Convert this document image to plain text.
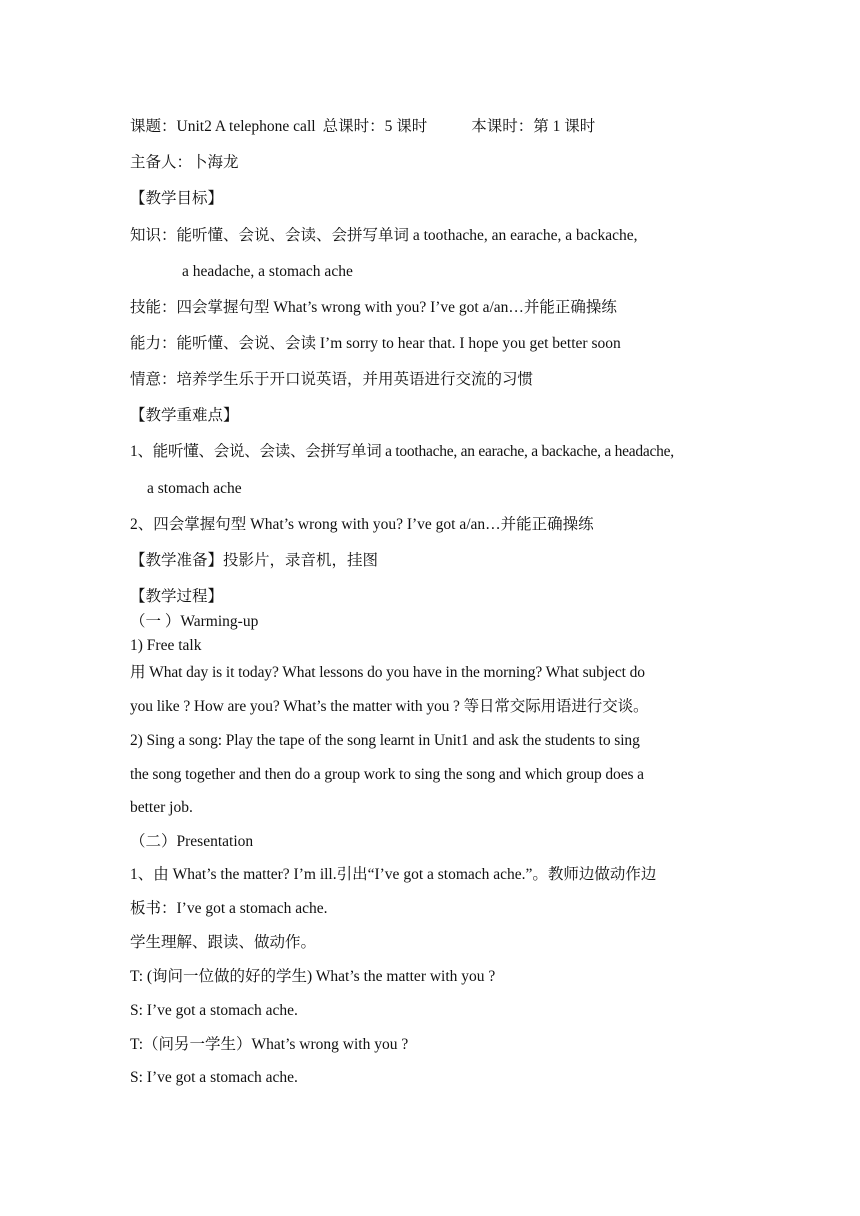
课题：Unit2 A telephone call 总课时：5 课时	本课时：第 1 课时
主备人：卜海龙
【教学目标】
知识：能听懂、会说、会读、会拼写单词 a toothache, an earache, a backache,
a headache, a stomach ache
技能：四会掌握句型 What’s wrong with you? I’ve got a/an…并能正确操练
能力：能听懂、会说、会读 I’m sorry to hear that. I hope you get better soon
情意：培养学生乐于开口说英语，并用英语进行交流的习惯
【教学重难点】
1、能听懂、会说、会读、会拼写单词 a toothache, an earache, a backache, a headache,
a stomach ache
2、四会掌握句型 What’s wrong with you? I’ve got a/an…并能正确操练
【教学准备】投影片，录音机，挂图
【教学过程】
（一 ）Warming-up
1) Free talk
用 What day is it today? What lessons do you have in the morning? What subject do
you like ? How are you? What’s the matter with you ? 等日常交际用语进行交谈。
2) Sing a song: Play the tape of the song learnt in Unit1 and ask the students to sing
the song together and then do a group work to sing the song and which group does a
better job.
（二）Presentation
1、由 What’s the matter? I’m ill.引出“I’ve got a stomach ache.”。教师边做动作边
板书：I’ve got a stomach ache.
学生理解、跟读、做动作。
T: (询问一位做的好的学生) What’s the matter with you ?
S: I’ve got a stomach ache.
T:（问另一学生）What’s wrong with you ?
S: I’ve got a stomach ache.
